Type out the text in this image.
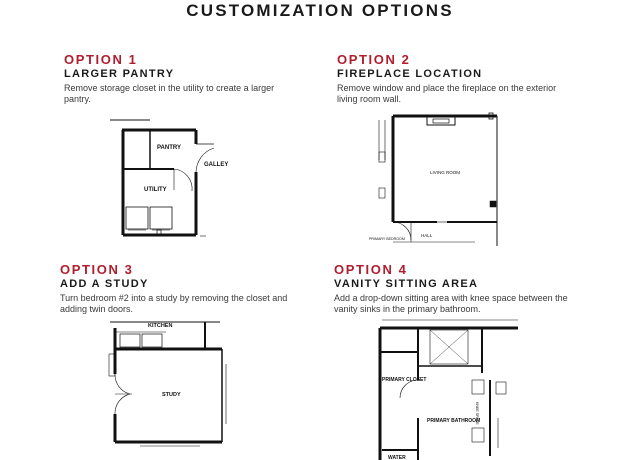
CUSTOMIZATION OPTIONS
OPTION 1
LARGER PANTRY
Remove storage closet in the utility to create a larger pantry.
PANTRY
GALLEY
UTILITY
OPTION 2
FIREPLACE LOCATION
Remove window and place the fireplace on the exterior living room wall.
LIVING ROOM
HALL
PRIMARY BEDROOM
OPTION 3
ADD A STUDY
Turn bedroom #2 into a study by removing the closet and adding twin doors.
KITCHEN
STUDY
OPTION 4
VANITY SITTING AREA
Add a drop-down sitting area with knee space between the vanity sinks in the primary bathroom.
PRIMARY CLOSET
PRIMARY BATHROOM
WATER
KNEE SPACE
